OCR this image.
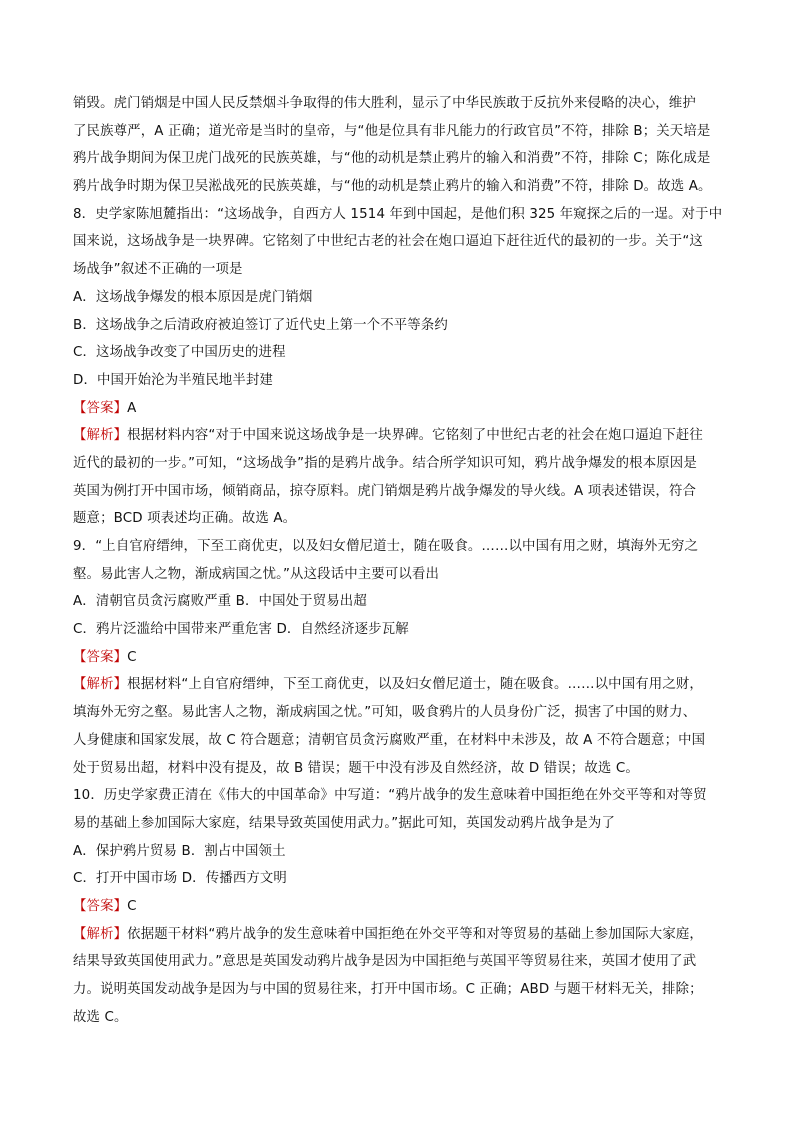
销毁。虎门销烟是中国人民反禁烟斗争取得的伟大胜利，显示了中华民族敢于反抗外来侵略的决心，维护
了民族尊严，A 正确；道光帝是当时的皇帝，与“他是位具有非凡能力的行政官员”不符，排除 B；关天培是
鸦片战争期间为保卫虎门战死的民族英雄，与“他的动机是禁止鸦片的输入和消费”不符，排除 C；陈化成是
鸦片战争时期为保卫吴淞战死的民族英雄，与“他的动机是禁止鸦片的输入和消费”不符，排除 D。故选 A。
8．史学家陈旭麓指出：“这场战争，自西方人 1514 年到中国起，是他们积 325 年窥探之后的一逞。对于中
国来说，这场战争是一块界碑。它铭刻了中世纪古老的社会在炮口逼迫下赶往近代的最初的一步。关于“这
场战争”叙述不正确的一项是
A．这场战争爆发的根本原因是虎门销烟
B．这场战争之后清政府被迫签订了近代史上第一个不平等条约
C．这场战争改变了中国历史的进程
D．中国开始沦为半殖民地半封建
【答案】A
【解析】根据材料内容“对于中国来说这场战争是一块界碑。它铭刻了中世纪古老的社会在炮口逼迫下赶往
近代的最初的一步。”可知，“这场战争”指的是鸦片战争。结合所学知识可知，鸦片战争爆发的根本原因是
英国为例打开中国市场，倾销商品，掠夺原料。虎门销烟是鸦片战争爆发的导火线。A 项表述错误，符合
题意；BCD 项表述均正确。故选 A。
9．“上自官府缙绅，下至工商优吏，以及妇女僧尼道士，随在吸食。……以中国有用之财，填海外无穷之
壑。易此害人之物，渐成病国之忧。”从这段话中主要可以看出
A．清朝官员贪污腐败严重 B．中国处于贸易出超
C．鸦片泛滥给中国带来严重危害 D．自然经济逐步瓦解
【答案】C
【解析】根据材料“上自官府缙绅，下至工商优吏，以及妇女僧尼道士，随在吸食。……以中国有用之财，
填海外无穷之壑。易此害人之物，渐成病国之忧。”可知，吸食鸦片的人员身份广泛，损害了中国的财力、
人身健康和国家发展，故 C 符合题意；清朝官员贪污腐败严重，在材料中未涉及，故 A 不符合题意；中国
处于贸易出超，材料中没有提及，故 B 错误；题干中没有涉及自然经济，故 D 错误；故选 C。
10．历史学家费正清在《伟大的中国革命》中写道：“鸦片战争的发生意味着中国拒绝在外交平等和对等贸
易的基础上参加国际大家庭，结果导致英国使用武力。”据此可知，英国发动鸦片战争是为了
A．保护鸦片贸易 B．割占中国领土
C．打开中国市场 D．传播西方文明
【答案】C
【解析】依据题干材料“鸦片战争的发生意味着中国拒绝在外交平等和对等贸易的基础上参加国际大家庭，
结果导致英国使用武力。”意思是英国发动鸦片战争是因为中国拒绝与英国平等贸易往来，英国才使用了武
力。说明英国发动战争是因为与中国的贸易往来，打开中国市场。C 正确；ABD 与题干材料无关，排除；
故选 C。
